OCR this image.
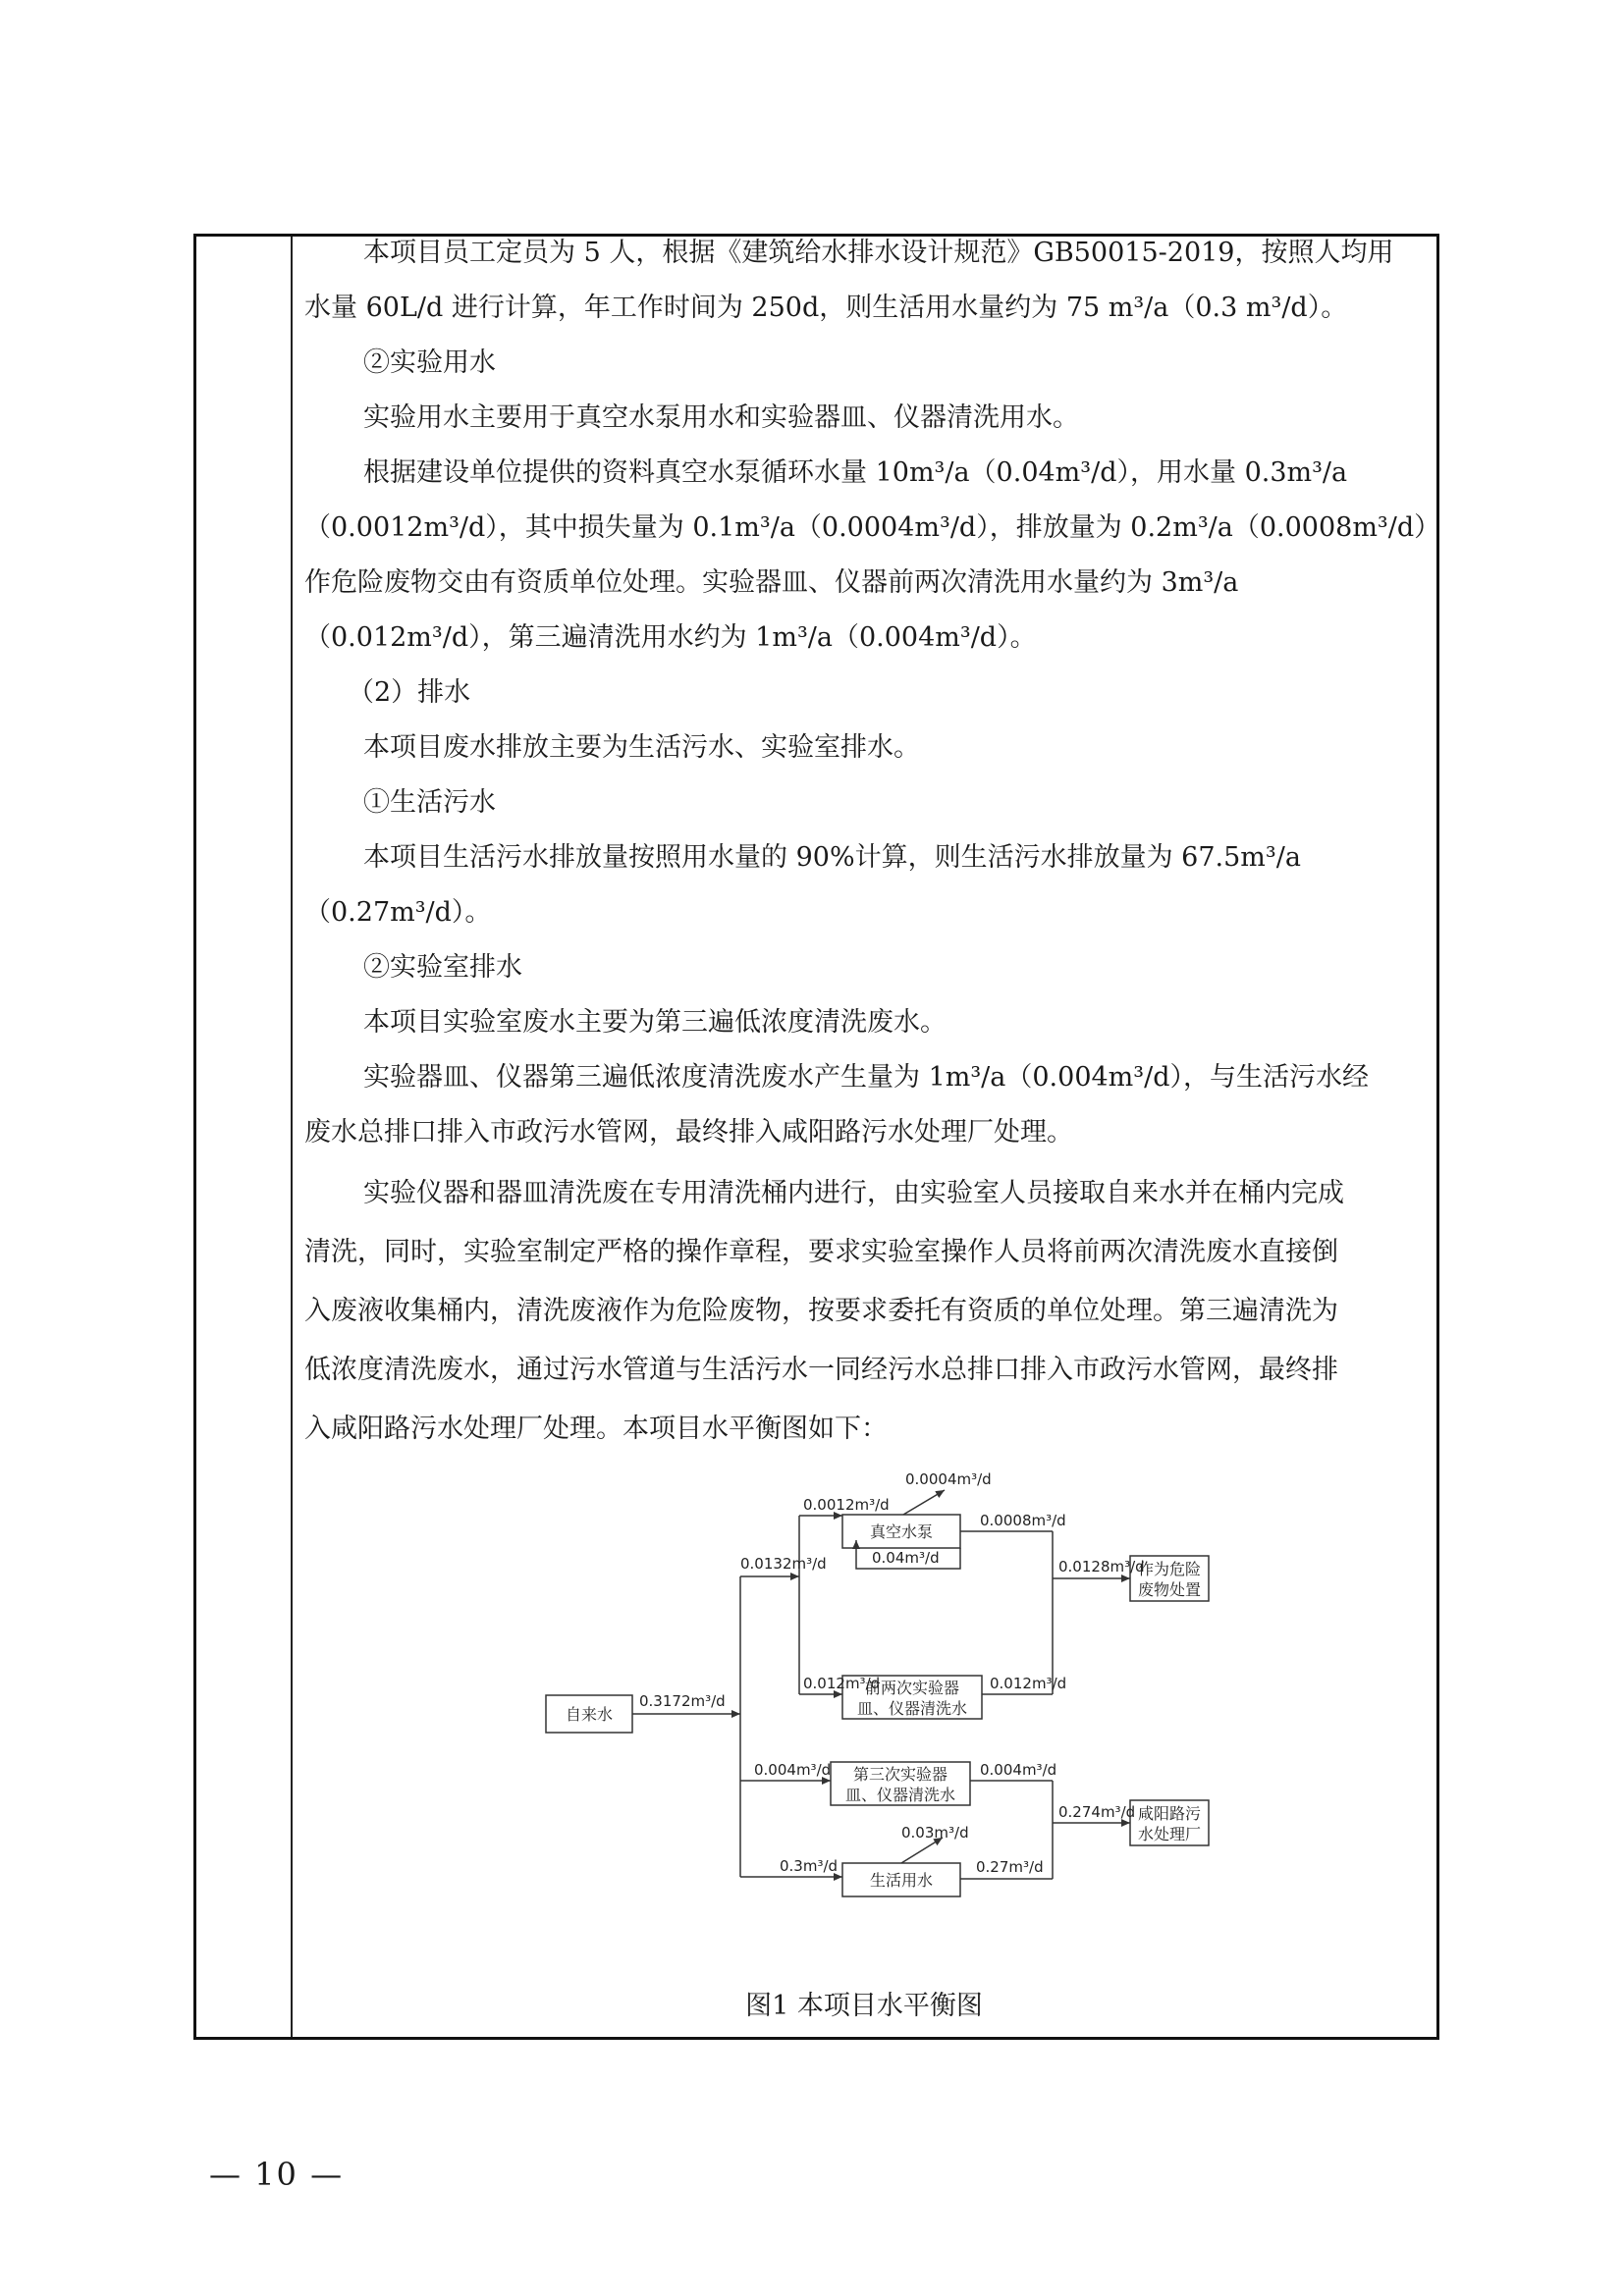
本项目员工定员为 5 人，根据《建筑给水排水设计规范》GB50015-2019，按照人均用
水量 60L/d 进行计算，年工作时间为 250d，则生活用水量约为 75 m³/a（0.3 m³/d）。
②实验用水
实验用水主要用于真空水泵用水和实验器皿、仪器清洗用水。
根据建设单位提供的资料真空水泵循环水量 10m³/a（0.04m³/d），用水量 0.3m³/a
（0.0012m³/d），其中损失量为 0.1m³/a（0.0004m³/d），排放量为 0.2m³/a（0.0008m³/d）
作危险废物交由有资质单位处理。实验器皿、仪器前两次清洗用水量约为 3m³/a
（0.012m³/d），第三遍清洗用水约为 1m³/a（0.004m³/d）。
（2）排水
本项目废水排放主要为生活污水、实验室排水。
①生活污水
本项目生活污水排放量按照用水量的 90%计算，则生活污水排放量为 67.5m³/a
（0.27m³/d）。
②实验室排水
本项目实验室废水主要为第三遍低浓度清洗废水。
实验器皿、仪器第三遍低浓度清洗废水产生量为 1m³/a（0.004m³/d），与生活污水经
废水总排口排入市政污水管网，最终排入咸阳路污水处理厂处理。
实验仪器和器皿清洗废在专用清洗桶内进行，由实验室人员接取自来水并在桶内完成
清洗，同时，实验室制定严格的操作章程，要求实验室操作人员将前两次清洗废水直接倒
入废液收集桶内，清洗废液作为危险废物，按要求委托有资质的单位处理。第三遍清洗为
低浓度清洗废水，通过污水管道与生活污水一同经污水总排口排入市政污水管网，最终排
入咸阳路污水处理厂处理。本项目水平衡图如下：
自来水
真空水泵
前两次实验器
皿、仪器清洗水
第三次实验器
皿、仪器清洗水
生活用水
作为危险
废物处置
咸阳路污
水处理厂
0.3172m³/d
0.0132m³/d
0.0012m³/d
0.0004m³/d
0.04m³/d
0.0008m³/d
0.012m³/d	0.012m³/d
0.0128m³/d
0.004m³/d	0.004m³/d
0.3m³/d
0.03m³/d
0.27m³/d
0.274m³/d
图1 本项目水平衡图
— 10 —
